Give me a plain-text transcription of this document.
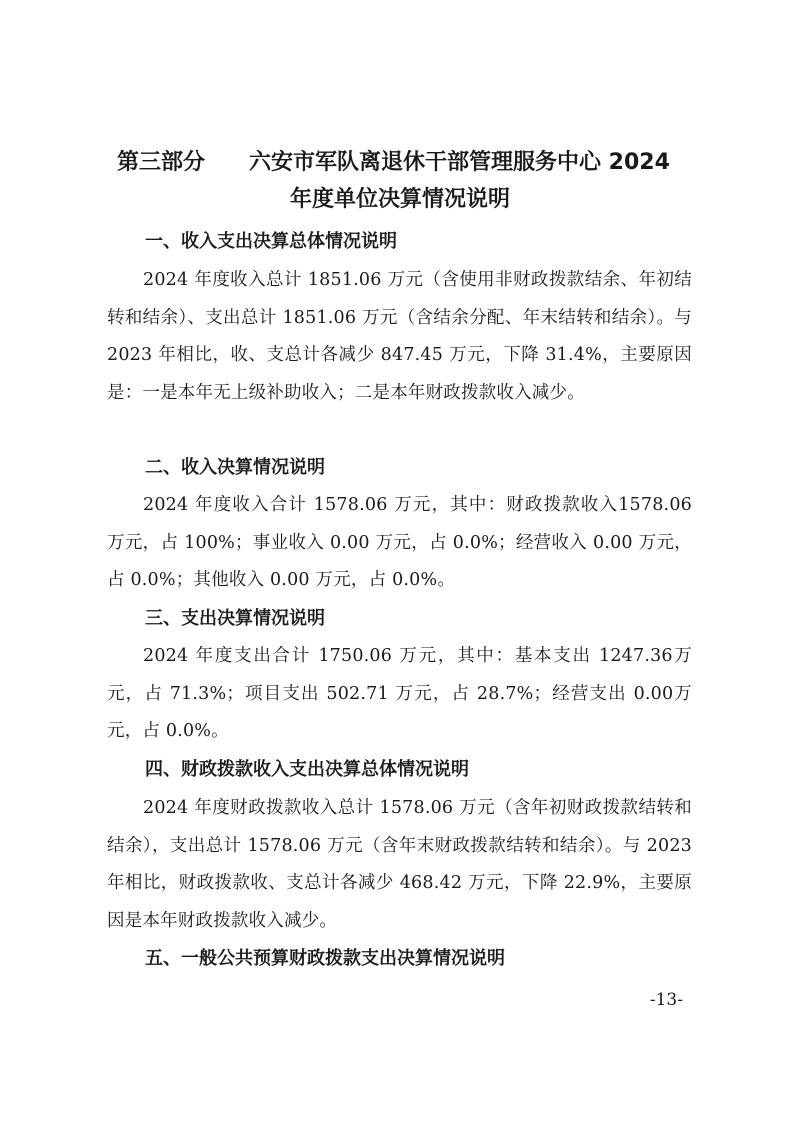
第三部分 六安市军队离退休干部管理服务中心 2024
年度单位决算情况说明
一、收入支出决算总体情况说明
2024 年度收入总计 1851.06 万元（含使用非财政拨款结余、年初结转和结余）、支出总计 1851.06 万元（含结余分配、年末结转和结余）。与 2023 年相比，收、支总计各减少 847.45 万元，下降 31.4%，主要原因是：一是本年无上级补助收入；二是本年财政拨款收入减少。
二、收入决算情况说明
2024 年度收入合计 1578.06 万元，其中：财政拨款收入1578.06 万元，占 100%；事业收入 0.00 万元，占 0.0%；经营收入 0.00 万元，占 0.0%；其他收入 0.00 万元，占 0.0%。
三、支出决算情况说明
2024 年度支出合计 1750.06 万元，其中：基本支出 1247.36万元，占 71.3%；项目支出 502.71 万元，占 28.7%；经营支出 0.00万元，占 0.0%。
四、财政拨款收入支出决算总体情况说明
2024 年度财政拨款收入总计 1578.06 万元（含年初财政拨款结转和结余），支出总计 1578.06 万元（含年末财政拨款结转和结余）。与 2023 年相比，财政拨款收、支总计各减少 468.42 万元，下降 22.9%，主要原因是本年财政拨款收入减少。
五、一般公共预算财政拨款支出决算情况说明
-13-
